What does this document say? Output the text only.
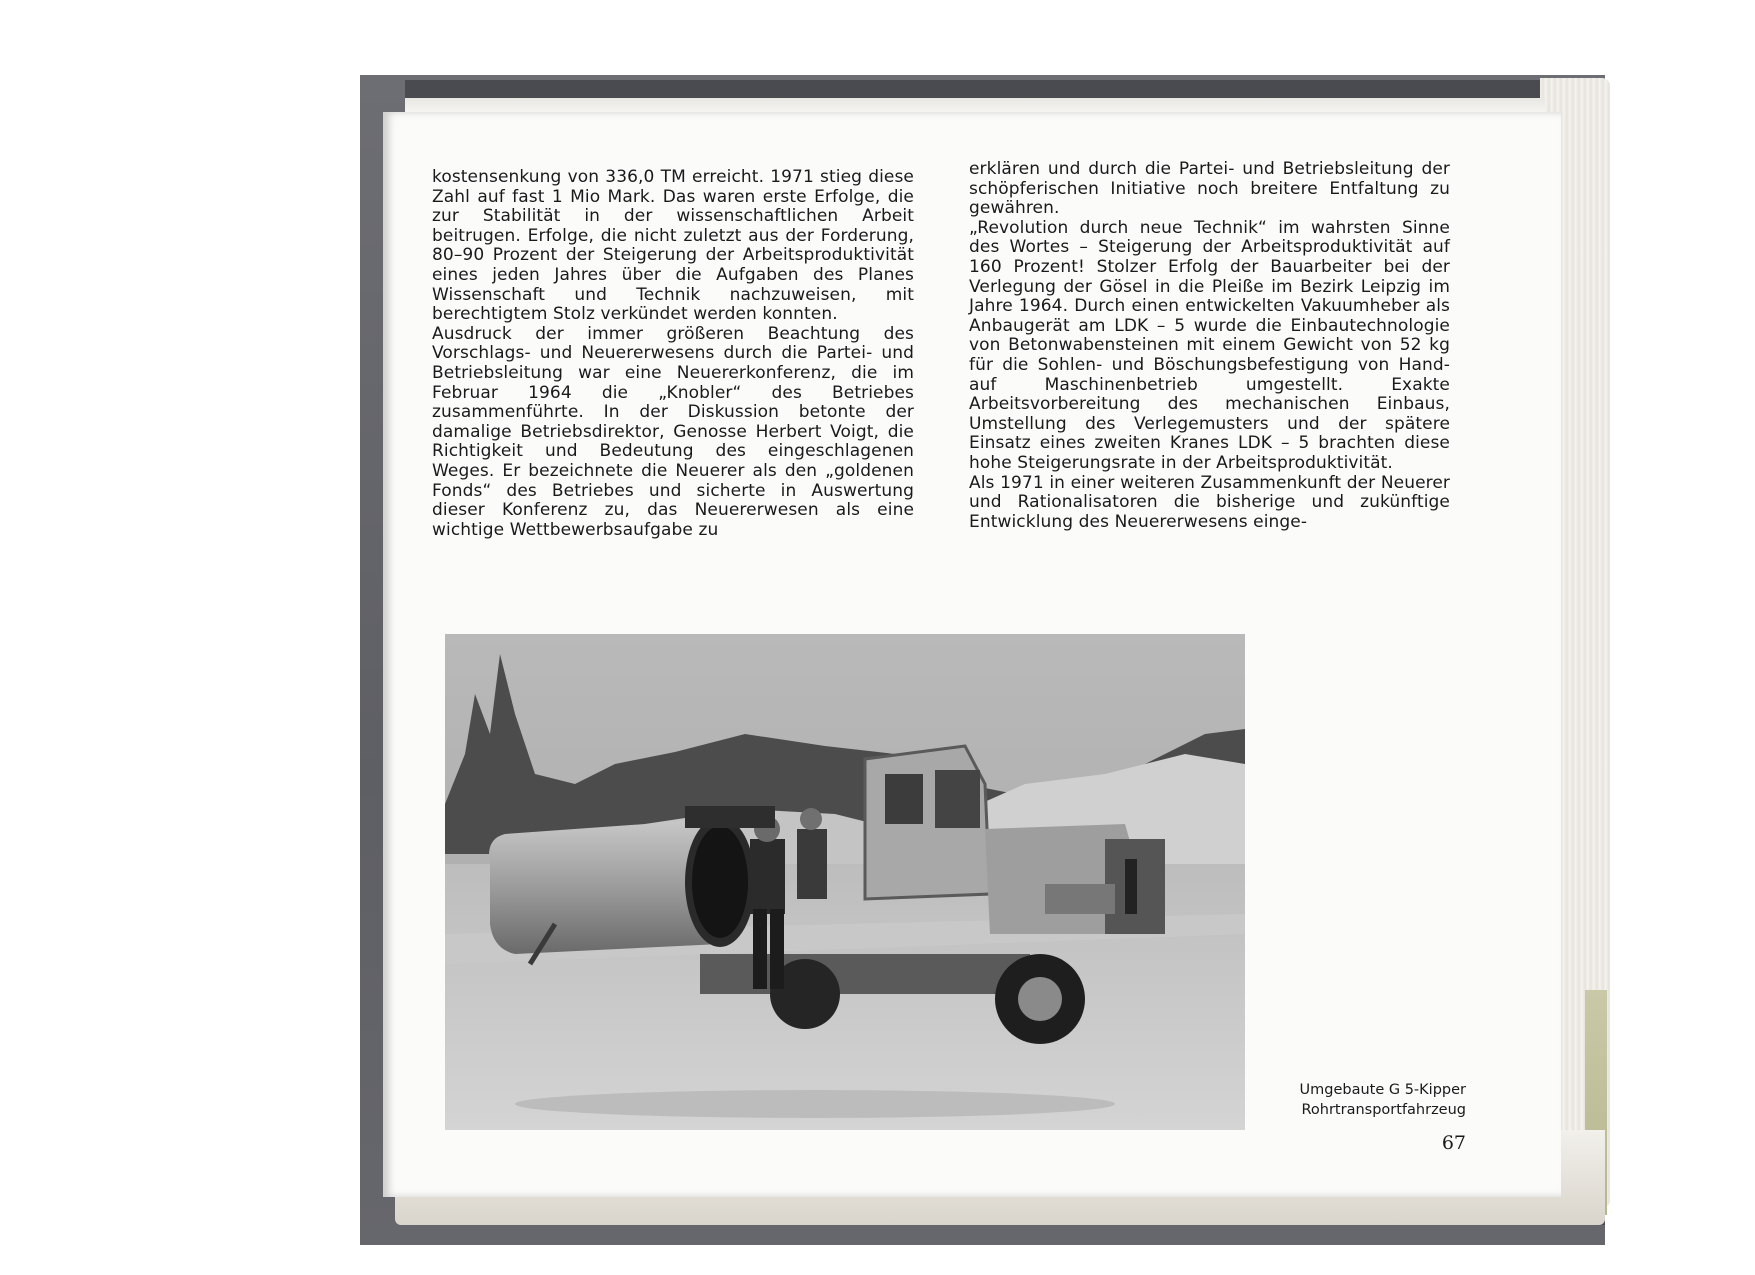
kostensenkung von 336,0 TM erreicht. 1971 stieg diese Zahl auf fast 1 Mio Mark. Das waren erste Erfolge, die zur Stabilität in der wissenschaftlichen Arbeit beitrugen. Erfolge, die nicht zuletzt aus der Forderung, 80–90 Prozent der Steigerung der Arbeitsproduktivität eines jeden Jahres über die Aufgaben des Planes Wissenschaft und Technik nachzuweisen, mit berechtigtem Stolz verkündet werden konnten.
Ausdruck der immer größeren Beachtung des Vorschlags- und Neuererwesens durch die Partei- und Betriebsleitung war eine Neuererkonferenz, die im Februar 1964 die „Knobler“ des Betriebes zusammenführte. In der Diskussion betonte der damalige Betriebsdirektor, Genosse Herbert Voigt, die Richtigkeit und Bedeutung des eingeschlagenen Weges. Er bezeichnete die Neuerer als den „goldenen Fonds“ des Betriebes und sicherte in Auswertung dieser Konferenz zu, das Neuererwesen als eine wichtige Wettbewerbsaufgabe zu
erklären und durch die Partei- und Betriebsleitung der schöpferischen Initiative noch breitere Entfaltung zu gewähren.
„Revolution durch neue Technik“ im wahrsten Sinne des Wortes – Steigerung der Arbeitsproduktivität auf 160 Prozent! Stolzer Erfolg der Bauarbeiter bei der Verlegung der Gösel in die Pleiße im Bezirk Leipzig im Jahre 1964. Durch einen entwickelten Vakuumheber als Anbaugerät am LDK – 5 wurde die Einbautechnologie von Betonwabensteinen mit einem Gewicht von 52 kg für die Sohlen- und Böschungsbefestigung von Hand- auf Maschinenbetrieb umgestellt. Exakte Arbeitsvorbereitung des mechanischen Einbaus, Umstellung des Verlegemusters und der spätere Einsatz eines zweiten Kranes LDK – 5 brachten diese hohe Steigerungsrate in der Arbeitsproduktivität.
Als 1971 in einer weiteren Zusammenkunft der Neuerer und Rationalisatoren die bisherige und zukünftige Entwicklung des Neuererwesens einge-
Umgebaute G 5-Kipper
Rohrtransportfahrzeug
67
